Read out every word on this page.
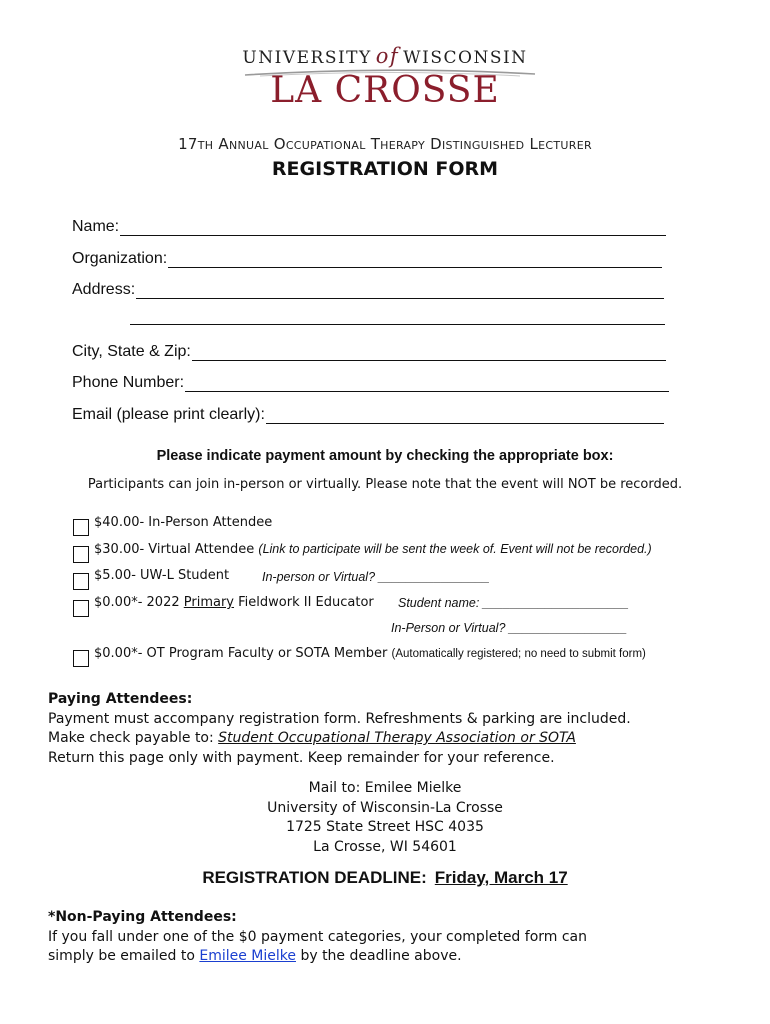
UNIVERSITY of WISCONSIN
LA CROSSE
17th Annual Occupational Therapy Distinguished Lecturer
REGISTRATION FORM
Name:
Organization:
Address:
City, State & Zip:
Phone Number:
Email (please print clearly):
Please indicate payment amount by checking the appropriate box:
Participants can join in-person or virtually. Please note that the event will NOT be recorded.
$40.00- In-Person Attendee
$30.00- Virtual Attendee (Link to participate will be sent the week of. Event will not be recorded.)
$5.00- UW-L Student	In-person or Virtual? ________________
$0.00*- 2022 Primary Fieldwork II Educator Student name: _____________________
In-Person or Virtual? _________________
$0.00*- OT Program Faculty or SOTA Member (Automatically registered; no need to submit form)
Paying Attendees:
Payment must accompany registration form. Refreshments & parking are included.
Make check payable to: Student Occupational Therapy Association or SOTA
Return this page only with payment. Keep remainder for your reference.
Mail to: Emilee Mielke
University of Wisconsin-La Crosse
1725 State Street HSC 4035
La Crosse, WI 54601
REGISTRATION DEADLINE: Friday, March 17
*Non-Paying Attendees:
If you fall under one of the $0 payment categories, your completed form can
simply be emailed to Emilee Mielke by the deadline above.
